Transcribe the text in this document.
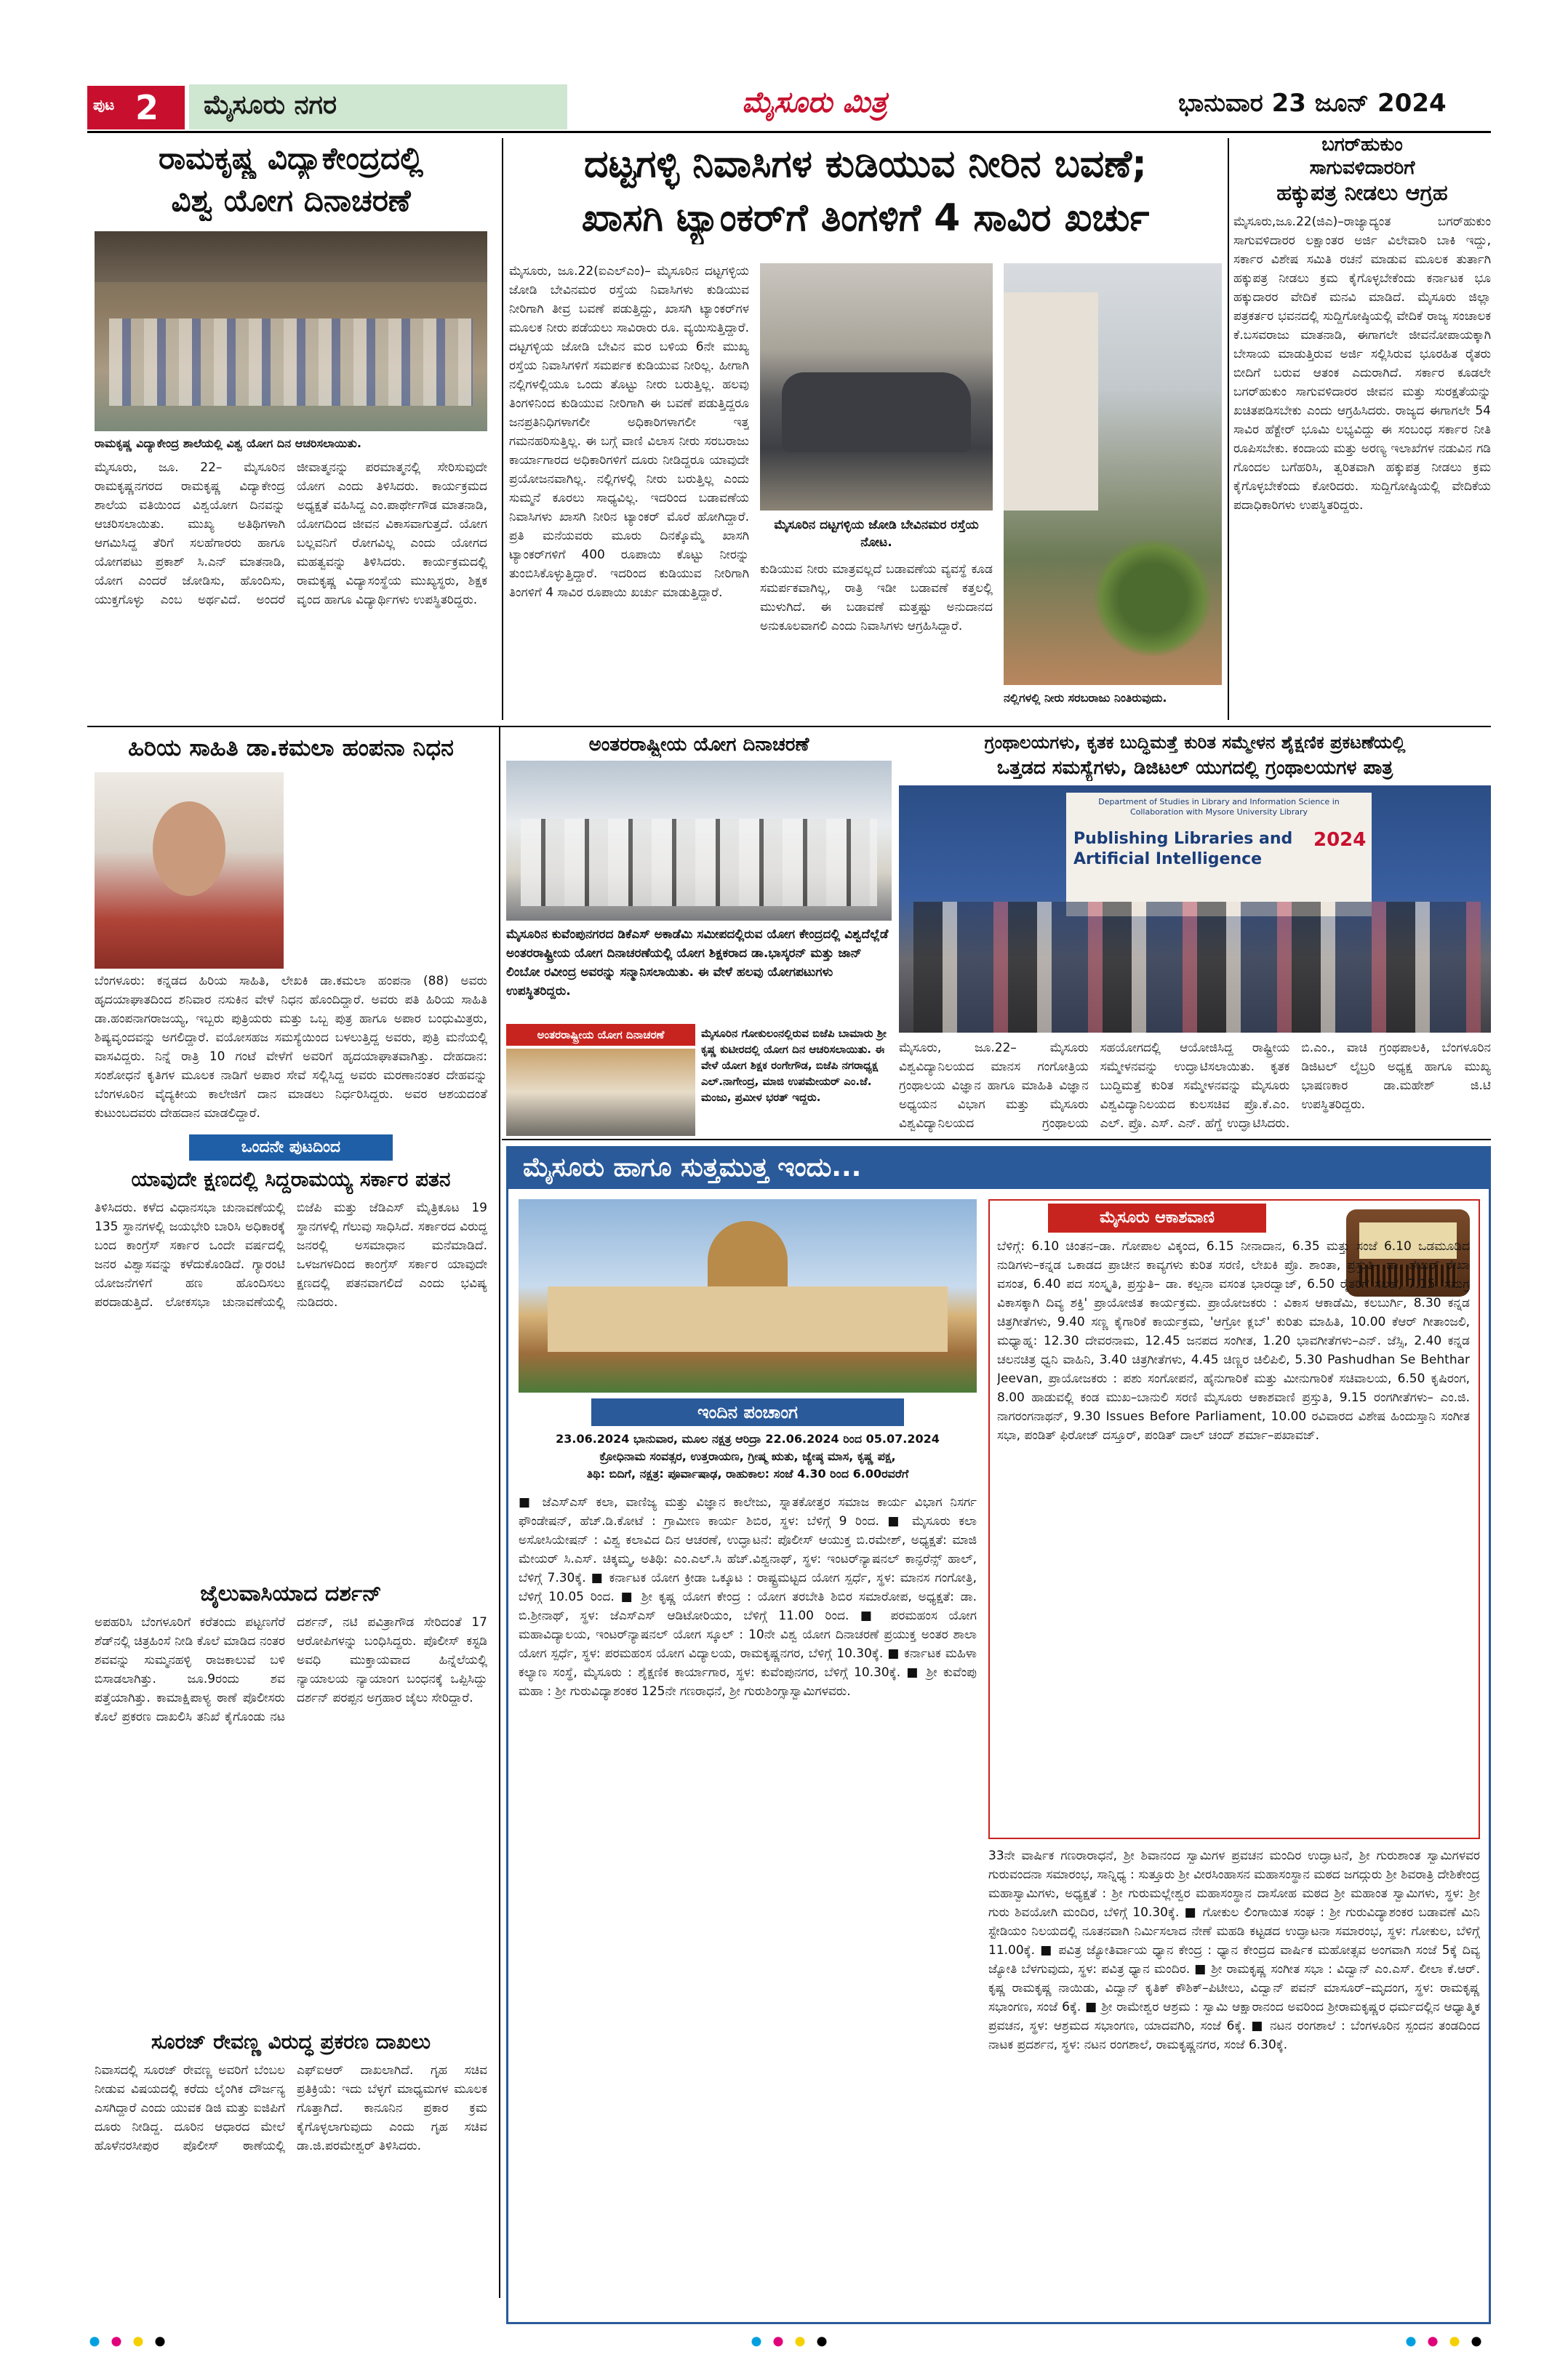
ಪುಟ 2 ಮೈಸೂರು ನಗರ	ಮೈಸೂರು ಮಿತ್ರ	ಭಾನುವಾರ 23 ಜೂನ್ 2024
ರಾಮಕೃಷ್ಣ ವಿದ್ಯಾಕೇಂದ್ರದಲ್ಲಿ
ವಿಶ್ವ ಯೋಗ ದಿನಾಚರಣೆ
ರಾಮಕೃಷ್ಣ ವಿದ್ಯಾಕೇಂದ್ರ ಶಾಲೆಯಲ್ಲಿ ವಿಶ್ವ ಯೋಗ ದಿನ ಆಚರಿಸಲಾಯಿತು.
ಮೈಸೂರು, ಜೂ. 22– ಮೈಸೂರಿನ ರಾಮಕೃಷ್ಣನಗರದ ರಾಮಕೃಷ್ಣ ವಿದ್ಯಾಕೇಂದ್ರ ಶಾಲೆಯ ವತಿಯಿಂದ ವಿಶ್ವಯೋಗ ದಿನವನ್ನು ಆಚರಿಸಲಾಯಿತು. ಮುಖ್ಯ ಅತಿಥಿಗಳಾಗಿ ಆಗಮಿಸಿದ್ದ ತೆರಿಗೆ ಸಲಹೆಗಾರರು ಹಾಗೂ ಯೋಗಪಟು ಪ್ರಕಾಶ್ ಸಿ.ಎನ್ ಮಾತನಾಡಿ, ಯೋಗ ಎಂದರೆ ಜೋಡಿಸು, ಹೊಂದಿಸು, ಯುಕ್ತಗೊಳ್ಳು ಎಂಬ ಅರ್ಥವಿದೆ. ಅಂದರೆ ಜೀವಾತ್ಮನನ್ನು ಪರಮಾತ್ಮನಲ್ಲಿ ಸೇರಿಸುವುದೇ ಯೋಗ ಎಂದು ತಿಳಿಸಿದರು. ಕಾರ್ಯಕ್ರಮದ ಅಧ್ಯಕ್ಷತೆ ವಹಿಸಿದ್ದ ಎಂ.ಪಾರ್ಥೇಗೌಡ ಮಾತನಾಡಿ, ಯೋಗದಿಂದ ಜೀವನ ವಿಕಾಸವಾಗುತ್ತದೆ. ಯೋಗ ಬಲ್ಲವನಿಗೆ ರೋಗವಿಲ್ಲ ಎಂದು ಯೋಗದ ಮಹತ್ವವನ್ನು ತಿಳಿಸಿದರು. ಕಾರ್ಯಕ್ರಮದಲ್ಲಿ ರಾಮಕೃಷ್ಣ ವಿದ್ಯಾಸಂಸ್ಥೆಯ ಮುಖ್ಯಸ್ಥರು, ಶಿಕ್ಷಕ ವೃಂದ ಹಾಗೂ ವಿದ್ಯಾರ್ಥಿಗಳು ಉಪಸ್ಥಿತರಿದ್ದರು.
ದಟ್ಟಗಳ್ಳಿ ನಿವಾಸಿಗಳ ಕುಡಿಯುವ ನೀರಿನ ಬವಣೆ;
ಖಾಸಗಿ ಟ್ಯಾಂಕರ್‌ಗೆ ತಿಂಗಳಿಗೆ 4 ಸಾವಿರ ಖರ್ಚು
ಮೈಸೂರು, ಜೂ.22(ಐಎಲ್‌ಎಂ)– ಮೈಸೂರಿನ ದಟ್ಟಗಳ್ಳಿಯ ಜೋಡಿ ಬೇವಿನಮರ ರಸ್ತೆಯ ನಿವಾಸಿಗಳು ಕುಡಿಯುವ ನೀರಿಗಾಗಿ ತೀವ್ರ ಬವಣೆ ಪಡುತ್ತಿದ್ದು, ಖಾಸಗಿ ಟ್ಯಾಂಕರ್‌ಗಳ ಮೂಲಕ ನೀರು ಪಡೆಯಲು ಸಾವಿರಾರು ರೂ. ವ್ಯಯಿಸುತ್ತಿದ್ದಾರೆ. ದಟ್ಟಗಳ್ಳಿಯ ಜೋಡಿ ಬೇವಿನ ಮರ ಬಳಿಯ 6ನೇ ಮುಖ್ಯ ರಸ್ತೆಯ ನಿವಾಸಿಗಳಿಗೆ ಸಮರ್ಪಕ ಕುಡಿಯುವ ನೀರಿಲ್ಲ. ಹೀಗಾಗಿ ನಲ್ಲಿಗಳಲ್ಲಿಯೂ ಒಂದು ತೊಟ್ಟು ನೀರು ಬರುತ್ತಿಲ್ಲ. ಹಲವು ತಿಂಗಳಿನಿಂದ ಕುಡಿಯುವ ನೀರಿಗಾಗಿ ಈ ಬವಣೆ ಪಡುತ್ತಿದ್ದರೂ ಜನಪ್ರತಿನಿಧಿಗಳಾಗಲೀ ಅಧಿಕಾರಿಗಳಾಗಲೀ ಇತ್ತ ಗಮನಹರಿಸುತ್ತಿಲ್ಲ. ಈ ಬಗ್ಗೆ ವಾಣಿ ವಿಲಾಸ ನೀರು ಸರಬರಾಜು ಕಾರ್ಯಾಗಾರದ ಅಧಿಕಾರಿಗಳಿಗೆ ದೂರು ನೀಡಿದ್ದರೂ ಯಾವುದೇ ಪ್ರಯೋಜನವಾಗಿಲ್ಲ. ನಲ್ಲಿಗಳಲ್ಲಿ ನೀರು ಬರುತ್ತಿಲ್ಲ ಎಂದು ಸುಮ್ಮನೆ ಕೂರಲು ಸಾಧ್ಯವಿಲ್ಲ. ಇದರಿಂದ ಬಡಾವಣೆಯ ನಿವಾಸಿಗಳು ಖಾಸಗಿ ನೀರಿನ ಟ್ಯಾಂಕರ್ ಮೊರೆ ಹೋಗಿದ್ದಾರೆ. ಪ್ರತಿ ಮನೆಯವರು ಮೂರು ದಿನಕ್ಕೊಮ್ಮೆ ಖಾಸಗಿ ಟ್ಯಾಂಕರ್‌ಗಳಿಗೆ 400 ರೂಪಾಯಿ ಕೊಟ್ಟು ನೀರನ್ನು ತುಂಬಿಸಿಕೊಳ್ಳುತ್ತಿದ್ದಾರೆ. ಇದರಿಂದ ಕುಡಿಯುವ ನೀರಿಗಾಗಿ ತಿಂಗಳಿಗೆ 4 ಸಾವಿರ ರೂಪಾಯಿ ಖರ್ಚು ಮಾಡುತ್ತಿದ್ದಾರೆ.
ಮೈಸೂರಿನ ದಟ್ಟಗಳ್ಳಿಯ ಜೋಡಿ ಬೇವಿನಮರ ರಸ್ತೆಯ ನೋಟ.
ಕುಡಿಯುವ ನೀರು ಮಾತ್ರವಲ್ಲದೆ ಬಡಾವಣೆಯ ವ್ಯವಸ್ಥೆ ಕೂಡ ಸಮರ್ಪಕವಾಗಿಲ್ಲ, ರಾತ್ರಿ ಇಡೀ ಬಡಾವಣೆ ಕತ್ತಲಲ್ಲಿ ಮುಳುಗಿದೆ. ಈ ಬಡಾವಣೆ ಮತ್ತಷ್ಟು ಅನುದಾನದ ಅನುಕೂಲವಾಗಲಿ ಎಂದು ನಿವಾಸಿಗಳು ಆಗ್ರಹಿಸಿದ್ದಾರೆ.
ನಲ್ಲಿಗಳಲ್ಲಿ ನೀರು ಸರಬರಾಜು ನಿಂತಿರುವುದು.
ಬಗರ್‌ಹುಕುಂ
ಸಾಗುವಳಿದಾರರಿಗೆ
ಹಕ್ಕುಪತ್ರ ನೀಡಲು ಆಗ್ರಹ
ಮೈಸೂರು,ಜೂ.22(ಜಿಎ)–ರಾಜ್ಯಾದ್ಯಂತ ಬಗರ್‌ಹುಕುಂ ಸಾಗುವಳಿದಾರರ ಲಕ್ಷಾಂತರ ಅರ್ಜಿ ವಿಲೇವಾರಿ ಬಾಕಿ ಇದ್ದು, ಸರ್ಕಾರ ವಿಶೇಷ ಸಮಿತಿ ರಚನೆ ಮಾಡುವ ಮೂಲಕ ತುರ್ತಾಗಿ ಹಕ್ಕುಪತ್ರ ನೀಡಲು ಕ್ರಮ ಕೈಗೊಳ್ಳಬೇಕೆಂದು ಕರ್ನಾಟಕ ಭೂ ಹಕ್ಕುದಾರರ ವೇದಿಕೆ ಮನವಿ ಮಾಡಿದೆ. ಮೈಸೂರು ಜಿಲ್ಲಾ ಪತ್ರಕರ್ತರ ಭವನದಲ್ಲಿ ಸುದ್ದಿಗೋಷ್ಠಿಯಲ್ಲಿ ವೇದಿಕೆ ರಾಜ್ಯ ಸಂಚಾಲಕ ಕೆ.ಬಸವರಾಜು ಮಾತನಾಡಿ, ಈಗಾಗಲೇ ಜೀವನೋಪಾಯಕ್ಕಾಗಿ ಬೇಸಾಯ ಮಾಡುತ್ತಿರುವ ಅರ್ಜಿ ಸಲ್ಲಿಸಿರುವ ಭೂರಹಿತ ರೈತರು ಬೀದಿಗೆ ಬರುವ ಆತಂಕ ಎದುರಾಗಿದೆ. ಸರ್ಕಾರ ಕೂಡಲೇ ಬಗರ್‌ಹುಕುಂ ಸಾಗುವಳಿದಾರರ ಜೀವನ ಮತ್ತು ಸುರಕ್ಷತೆಯನ್ನು ಖಚಿತಪಡಿಸಬೇಕು ಎಂದು ಆಗ್ರಹಿಸಿದರು. ರಾಜ್ಯದ ಈಗಾಗಲೇ 54 ಸಾವಿರ ಹೆಕ್ಟೇರ್ ಭೂಮಿ ಲಭ್ಯವಿದ್ದು ಈ ಸಂಬಂಧ ಸರ್ಕಾರ ನೀತಿ ರೂಪಿಸಬೇಕು. ಕಂದಾಯ ಮತ್ತು ಅರಣ್ಯ ಇಲಾಖೆಗಳ ನಡುವಿನ ಗಡಿ ಗೊಂದಲ ಬಗೆಹರಿಸಿ, ತ್ವರಿತವಾಗಿ ಹಕ್ಕುಪತ್ರ ನೀಡಲು ಕ್ರಮ ಕೈಗೊಳ್ಳಬೇಕೆಂದು ಕೋರಿದರು. ಸುದ್ದಿಗೋಷ್ಠಿಯಲ್ಲಿ ವೇದಿಕೆಯ ಪದಾಧಿಕಾರಿಗಳು ಉಪಸ್ಥಿತರಿದ್ದರು.
ಹಿರಿಯ ಸಾಹಿತಿ ಡಾ.ಕಮಲಾ ಹಂಪನಾ ನಿಧನ
ಬೆಂಗಳೂರು: ಕನ್ನಡದ ಹಿರಿಯ ಸಾಹಿತಿ, ಲೇಖಕಿ ಡಾ.ಕಮಲಾ ಹಂಪನಾ (88) ಅವರು ಹೃದಯಾಘಾತದಿಂದ ಶನಿವಾರ ನಸುಕಿನ ವೇಳೆ ನಿಧನ ಹೊಂದಿದ್ದಾರೆ. ಅವರು ಪತಿ ಹಿರಿಯ ಸಾಹಿತಿ ಡಾ.ಹಂಪನಾಗರಾಜಯ್ಯ, ಇಬ್ಬರು ಪುತ್ರಿಯರು ಮತ್ತು ಒಬ್ಬ ಪುತ್ರ ಹಾಗೂ ಅಪಾರ ಬಂಧುಮಿತ್ರರು, ಶಿಷ್ಯವೃಂದವನ್ನು ಅಗಲಿದ್ದಾರೆ. ವಯೋಸಹಜ ಸಮಸ್ಯೆಯಿಂದ ಬಳಲುತ್ತಿದ್ದ ಅವರು, ಪುತ್ರಿ ಮನೆಯಲ್ಲಿ ವಾಸವಿದ್ದರು. ನಿನ್ನೆ ರಾತ್ರಿ 10 ಗಂಟೆ ವೇಳೆಗೆ ಅವರಿಗೆ ಹೃದಯಾಘಾತವಾಗಿತ್ತು. ದೇಹದಾನ: ಸಂಶೋಧನೆ ಕೃತಿಗಳ ಮೂಲಕ ನಾಡಿಗೆ ಅಪಾರ ಸೇವೆ ಸಲ್ಲಿಸಿದ್ದ ಅವರು ಮರಣಾನಂತರ ದೇಹವನ್ನು ಬೆಂಗಳೂರಿನ ವೈದ್ಯಕೀಯ ಕಾಲೇಜಿಗೆ ದಾನ ಮಾಡಲು ನಿರ್ಧರಿಸಿದ್ದರು. ಅವರ ಆಶಯದಂತೆ ಕುಟುಂಬದವರು ದೇಹದಾನ ಮಾಡಲಿದ್ದಾರೆ.
ಒಂದನೇ ಪುಟದಿಂದ
ಯಾವುದೇ ಕ್ಷಣದಲ್ಲಿ ಸಿದ್ದರಾಮಯ್ಯ ಸರ್ಕಾರ ಪತನ
ತಿಳಿಸಿದರು. ಕಳೆದ ವಿಧಾನಸಭಾ ಚುನಾವಣೆಯಲ್ಲಿ 135 ಸ್ಥಾನಗಳಲ್ಲಿ ಜಯಭೇರಿ ಬಾರಿಸಿ ಅಧಿಕಾರಕ್ಕೆ ಬಂದ ಕಾಂಗ್ರೆಸ್ ಸರ್ಕಾರ ಒಂದೇ ವರ್ಷದಲ್ಲಿ ಜನರ ವಿಶ್ವಾಸವನ್ನು ಕಳೆದುಕೊಂಡಿದೆ. ಗ್ಯಾರಂಟಿ ಯೋಜನೆಗಳಿಗೆ ಹಣ ಹೊಂದಿಸಲು ಪರದಾಡುತ್ತಿದೆ. ಲೋಕಸಭಾ ಚುನಾವಣೆಯಲ್ಲಿ ಬಿಜೆಪಿ ಮತ್ತು ಜೆಡಿಎಸ್ ಮೈತ್ರಿಕೂಟ 19 ಸ್ಥಾನಗಳಲ್ಲಿ ಗೆಲುವು ಸಾಧಿಸಿದೆ. ಸರ್ಕಾರದ ವಿರುದ್ಧ ಜನರಲ್ಲಿ ಅಸಮಾಧಾನ ಮನೆಮಾಡಿದೆ. ಒಳಜಗಳದಿಂದ ಕಾಂಗ್ರೆಸ್ ಸರ್ಕಾರ ಯಾವುದೇ ಕ್ಷಣದಲ್ಲಿ ಪತನವಾಗಲಿದೆ ಎಂದು ಭವಿಷ್ಯ ನುಡಿದರು.
ಜೈಲುವಾಸಿಯಾದ ದರ್ಶನ್
ಅಪಹರಿಸಿ ಬೆಂಗಳೂರಿಗೆ ಕರೆತಂದು ಪಟ್ಟಣಗೆರೆ ಶೆಡ್‌ನಲ್ಲಿ ಚಿತ್ರಹಿಂಸೆ ನೀಡಿ ಕೊಲೆ ಮಾಡಿದ ನಂತರ ಶವವನ್ನು ಸುಮ್ಮನಹಳ್ಳಿ ರಾಜಕಾಲುವೆ ಬಳಿ ಬಿಸಾಡಲಾಗಿತ್ತು. ಜೂ.9ರಂದು ಶವ ಪತ್ತೆಯಾಗಿತ್ತು. ಕಾಮಾಕ್ಷಿಪಾಳ್ಯ ಠಾಣೆ ಪೊಲೀಸರು ಕೊಲೆ ಪ್ರಕರಣ ದಾಖಲಿಸಿ ತನಿಖೆ ಕೈಗೊಂಡು ನಟ ದರ್ಶನ್, ನಟಿ ಪವಿತ್ರಾಗೌಡ ಸೇರಿದಂತೆ 17 ಆರೋಪಿಗಳನ್ನು ಬಂಧಿಸಿದ್ದರು. ಪೊಲೀಸ್ ಕಸ್ಟಡಿ ಅವಧಿ ಮುಕ್ತಾಯವಾದ ಹಿನ್ನೆಲೆಯಲ್ಲಿ ನ್ಯಾಯಾಲಯ ನ್ಯಾಯಾಂಗ ಬಂಧನಕ್ಕೆ ಒಪ್ಪಿಸಿದ್ದು ದರ್ಶನ್ ಪರಪ್ಪನ ಅಗ್ರಹಾರ ಜೈಲು ಸೇರಿದ್ದಾರೆ.
ಸೂರಜ್ ರೇವಣ್ಣ ವಿರುದ್ಧ ಪ್ರಕರಣ ದಾಖಲು
ನಿವಾಸದಲ್ಲಿ ಸೂರಜ್ ರೇವಣ್ಣ ಅವರಿಗೆ ಬೆಂಬಲ ನೀಡುವ ವಿಷಯದಲ್ಲಿ ಕರೆದು ಲೈಂಗಿಕ ದೌರ್ಜನ್ಯ ಎಸಗಿದ್ದಾರೆ ಎಂದು ಯುವಕ ಡಿಜಿ ಮತ್ತು ಐಜಿಪಿಗೆ ದೂರು ನೀಡಿದ್ದ. ದೂರಿನ ಆಧಾರದ ಮೇಲೆ ಹೊಳೆನರಸೀಪುರ ಪೊಲೀಸ್ ಠಾಣೆಯಲ್ಲಿ ಎಫ್‌ಐಆರ್ ದಾಖಲಾಗಿದೆ. ಗೃಹ ಸಚಿವ ಪ್ರತಿಕ್ರಿಯೆ: ಇದು ಬೆಳ್ಳಗೆ ಮಾಧ್ಯಮಗಳ ಮೂಲಕ ಗೊತ್ತಾಗಿದೆ. ಕಾನೂನಿನ ಪ್ರಕಾರ ಕ್ರಮ ಕೈಗೊಳ್ಳಲಾಗುವುದು ಎಂದು ಗೃಹ ಸಚಿವ ಡಾ.ಜಿ.ಪರಮೇಶ್ವರ್ ತಿಳಿಸಿದರು.
ಅಂತರರಾಷ್ಟ್ರೀಯ ಯೋಗ ದಿನಾಚರಣೆ
ಮೈಸೂರಿನ ಕುವೆಂಪುನಗರದ ಡಿಕೆಎಸ್ ಅಕಾಡೆಮಿ ಸಮೀಪದಲ್ಲಿರುವ ಯೋಗ ಕೇಂದ್ರದಲ್ಲಿ ವಿಶ್ವದೆಲ್ಲೆಡೆ ಅಂತರರಾಷ್ಟ್ರೀಯ ಯೋಗ ದಿನಾಚರಣೆಯಲ್ಲಿ ಯೋಗ ಶಿಕ್ಷಕರಾದ ಡಾ.ಭಾಸ್ಕರನ್ ಮತ್ತು ಜಾನ್ ಲಿಂಬೋ ರವೀಂದ್ರ ಅವರನ್ನು ಸನ್ಮಾನಿಸಲಾಯಿತು. ಈ ವೇಳೆ ಹಲವು ಯೋಗಪಟುಗಳು ಉಪಸ್ಥಿತರಿದ್ದರು.
ಅಂತರರಾಷ್ಟ್ರೀಯ ಯೋಗ ದಿನಾಚರಣೆ	ಮೈಸೂರಿನ ಗೋಕುಲಂನಲ್ಲಿರುವ ಬಿಜೆಪಿ ಬಾಮಾರು ಶ್ರೀ ಕೃಷ್ಣ ಕುಟೀರದಲ್ಲಿ ಯೋಗ ದಿನ ಆಚರಿಸಲಾಯಿತು. ಈ ವೇಳೆ ಯೋಗ ಶಿಕ್ಷಕ ರಂಗೇಗೌಡ, ಬಿಜೆಪಿ ನಗರಾಧ್ಯಕ್ಷ ಎಲ್.ನಾಗೇಂದ್ರ, ಮಾಜಿ ಉಪಮೇಯರ್ ಎಂ.ಜೆ. ಮಂಜು, ಪ್ರಮೀಳ ಭರತ್ ಇದ್ದರು.
ಗ್ರಂಥಾಲಯಗಳು, ಕೃತಕ ಬುದ್ಧಿಮತ್ತೆ ಕುರಿತ ಸಮ್ಮೇಳನ ಶೈಕ್ಷಣಿಕ ಪ್ರಕಟಣೆಯಲ್ಲಿ
ಒತ್ತಡದ ಸಮಸ್ಯೆಗಳು, ಡಿಜಿಟಲ್ ಯುಗದಲ್ಲಿ ಗ್ರಂಥಾಲಯಗಳ ಪಾತ್ರ
Department of Studies in Library and Information Science in Collaboration with Mysore University Library
Publishing Libraries and Artificial Intelligence
2024
ಮೈಸೂರು, ಜೂ.22– ಮೈಸೂರು ವಿಶ್ವವಿದ್ಯಾನಿಲಯದ ಮಾನಸ ಗಂಗೋತ್ರಿಯ ಗ್ರಂಥಾಲಯ ವಿಜ್ಞಾನ ಹಾಗೂ ಮಾಹಿತಿ ವಿಜ್ಞಾನ ಅಧ್ಯಯನ ವಿಭಾಗ ಮತ್ತು ಮೈಸೂರು ವಿಶ್ವವಿದ್ಯಾನಿಲಯದ ಗ್ರಂಥಾಲಯ ಸಹಯೋಗದಲ್ಲಿ ಆಯೋಜಿಸಿದ್ದ ರಾಷ್ಟ್ರೀಯ ಸಮ್ಮೇಳನವನ್ನು ಉದ್ಘಾಟಿಸಲಾಯಿತು. ಕೃತಕ ಬುದ್ಧಿಮತ್ತೆ ಕುರಿತ ಸಮ್ಮೇಳನವನ್ನು ಮೈಸೂರು ವಿಶ್ವವಿದ್ಯಾನಿಲಯದ ಕುಲಸಚಿವ ಪ್ರೊ.ಕೆ.ಎಂ. ಎಲ್. ಪ್ರೊ. ಎಸ್. ಎನ್. ಹೆಗ್ಡೆ ಉದ್ಘಾಟಿಸಿದರು. ಬಿ.ಎಂ., ವಾಚಿ ಗ್ರಂಥಪಾಲಕಿ, ಬೆಂಗಳೂರಿನ ಡಿಜಿಟಲ್ ಲೈಬ್ರರಿ ಅಧ್ಯಕ್ಷ ಹಾಗೂ ಮುಖ್ಯ ಭಾಷಣಕಾರ ಡಾ.ಮಹೇಶ್ ಜಿ.ಟಿ ಉಪಸ್ಥಿತರಿದ್ದರು.
ಮೈಸೂರು ಹಾಗೂ ಸುತ್ತಮುತ್ತ ಇಂದು...
ಇಂದಿನ ಪಂಚಾಂಗ
23.06.2024 ಭಾನುವಾರ, ಮೂಲ ನಕ್ಷತ್ರ ಆರಿದ್ರಾ 22.06.2024 ರಿಂದ 05.07.2024
ಕ್ರೋಧಿನಾಮ ಸಂವತ್ಸರ, ಉತ್ತರಾಯಣ, ಗ್ರೀಷ್ಮ ಋತು, ಜ್ಯೇಷ್ಠ ಮಾಸ, ಕೃಷ್ಣ ಪಕ್ಷ,
ತಿಥಿ: ಬಿದಿಗೆ, ನಕ್ಷತ್ರ: ಪೂರ್ವಾಷಾಢ, ರಾಹುಕಾಲ: ಸಂಜೆ 4.30 ರಿಂದ 6.00ರವರೆಗೆ
■ ಜೆಎಸ್‌ಎಸ್ ಕಲಾ, ವಾಣಿಜ್ಯ ಮತ್ತು ವಿಜ್ಞಾನ ಕಾಲೇಜು, ಸ್ನಾತಕೋತ್ತರ ಸಮಾಜ ಕಾರ್ಯ ವಿಭಾಗ ನಿಸರ್ಗ ಫೌಂಡೇಷನ್, ಹೆಚ್.ಡಿ.ಕೋಟೆ : ಗ್ರಾಮೀಣ ಕಾರ್ಯ ಶಿಬಿರ, ಸ್ಥಳ: ಬೆಳಿಗ್ಗೆ 9 ರಿಂದ. ■ ಮೈಸೂರು ಕಲಾ ಅಸೋಸಿಯೇಷನ್ : ವಿಶ್ವ ಕಲಾವಿದ ದಿನ ಆಚರಣೆ, ಉದ್ಘಾಟನೆ: ಪೊಲೀಸ್ ಆಯುಕ್ತ ಬಿ.ರಮೇಶ್, ಅಧ್ಯಕ್ಷತೆ: ಮಾಜಿ ಮೇಯರ್ ಸಿ.ಎಸ್. ಚಿಕ್ಕಮ್ಮ, ಅತಿಥಿ: ಎಂ.ಎಲ್.ಸಿ ಹೆಚ್.ವಿಶ್ವನಾಥ್, ಸ್ಥಳ: ಇಂಟರ್‌ನ್ಯಾಷನಲ್ ಕಾನ್ಫರೆನ್ಸ್ ಹಾಲ್, ಬೆಳಿಗ್ಗೆ 7.30ಕ್ಕೆ. ■ ಕರ್ನಾಟಕ ಯೋಗ ಕ್ರೀಡಾ ಒಕ್ಕೂಟ : ರಾಷ್ಟ್ರಮಟ್ಟದ ಯೋಗ ಸ್ಪರ್ಧೆ, ಸ್ಥಳ: ಮಾನಸ ಗಂಗೋತ್ರಿ, ಬೆಳಿಗ್ಗೆ 10.05 ರಿಂದ. ■ ಶ್ರೀ ಕೃಷ್ಣ ಯೋಗ ಕೇಂದ್ರ : ಯೋಗ ತರಬೇತಿ ಶಿಬಿರ ಸಮಾರೋಪ, ಅಧ್ಯಕ್ಷತೆ: ಡಾ. ಬಿ.ಶ್ರೀನಾಥ್, ಸ್ಥಳ: ಜೆಎಸ್‌ಎಸ್ ಆಡಿಟೋರಿಯಂ, ಬೆಳಿಗ್ಗೆ 11.00 ರಿಂದ. ■ ಪರಮಹಂಸ ಯೋಗ ಮಹಾವಿದ್ಯಾಲಯ, ಇಂಟರ್‌ನ್ಯಾಷನಲ್ ಯೋಗ ಸ್ಕೂಲ್ : 10ನೇ ವಿಶ್ವ ಯೋಗ ದಿನಾಚರಣೆ ಪ್ರಯುಕ್ತ ಅಂತರ ಶಾಲಾ ಯೋಗ ಸ್ಪರ್ಧೆ, ಸ್ಥಳ: ಪರಮಹಂಸ ಯೋಗ ವಿದ್ಯಾಲಯ, ರಾಮಕೃಷ್ಣನಗರ, ಬೆಳಿಗ್ಗೆ 10.30ಕ್ಕೆ. ■ ಕರ್ನಾಟಕ ಮಹಿಳಾ ಕಲ್ಯಾಣ ಸಂಸ್ಥೆ, ಮೈಸೂರು : ಶೈಕ್ಷಣಿಕ ಕಾರ್ಯಾಗಾರ, ಸ್ಥಳ: ಕುವೆಂಪುನಗರ, ಬೆಳಿಗ್ಗೆ 10.30ಕ್ಕೆ. ■ ಶ್ರೀ ಕುವೆಂಪು ಮಹಾ : ಶ್ರೀ ಗುರುವಿದ್ಯಾಶಂಕರ 125ನೇ ಗಣರಾಧನೆ, ಶ್ರೀ ಗುರುಶಿಂಗ್ಸಾಸ್ವಾಮಿಗಳವರು.
ಮೈಸೂರು ಆಕಾಶವಾಣಿ
ಬೆಳಿಗ್ಗೆ: 6.10 ಚಿಂತನ–ಡಾ. ಗೋಪಾಲ ವಿಕ್ಕಂದ, 6.15 ನೀನಾದಾನ, 6.35 ಮತ್ತು ಸಂಜೆ 6.10 ಒಡಮೂಡಿದ ನುಡಿಗಳು–ಕನ್ನಡ ಒಕಾಡದ ಪ್ರಾಚೀನ ಕಾವ್ಯಗಳು ಕುರಿತ ಸರಣಿ, ಲೇಖಕಿ ಪ್ರೊ. ಶಾಂತಾ, ಪ್ರಸ್ತುತಿ– ಡಾ. ಶೇಖರ್ ರೇಖಾ ವಸಂತ, 6.40 ಪದ ಸಂಸ್ಕೃತಿ, ಪ್ರಸ್ತುತಿ– ಡಾ. ಕಲ್ಪನಾ ವಸಂತ ಭಾರದ್ವಾಜ್, 6.50 ರೈತರಿಗೆ ಸಲಹೆ, 7.15 'ಸಮಗ್ರ ವಿಕಾಸಕ್ಕಾಗಿ ದಿವ್ಯ ಶಕ್ತಿ' ಪ್ರಾಯೋಜಿತ ಕಾರ್ಯಕ್ರಮ. ಪ್ರಾಯೋಜಕರು : ವಿಕಾಸ ಆಕಾಡೆಮಿ, ಕಲಬುರ್ಗಿ, 8.30 ಕನ್ನಡ ಚಿತ್ರಗೀತೆಗಳು, 9.40 ಸಣ್ಣ ಕೈಗಾರಿಕೆ ಕಾರ್ಯಕ್ರಮ, 'ಆಗ್ರೋ ಕ್ಲಬ್‌' ಕುರಿತು ಮಾಹಿತಿ, 10.00 ಕೆಆರ್ ಗೀತಾಂಜಲಿ, ಮಧ್ಯಾಹ್ನ: 12.30 ದೇವರನಾಮ, 12.45 ಜನಪದ ಸಂಗೀತ, 1.20 ಭಾವಗೀತೆಗಳು–ಎನ್. ಜೆಸ್ಸಿ, 2.40 ಕನ್ನಡ ಚಲನಚಿತ್ರ ಧ್ವನಿ ವಾಹಿನಿ, 3.40 ಚಿತ್ರಗೀತೆಗಳು, 4.45 ಚಿಣ್ಣರ ಚಿಲಿಪಿಲಿ, 5.30 Pashudhan Se Behthar Jeevan, ಪ್ರಾಯೋಜಕರು : ಪಶು ಸಂಗೋಪನೆ, ಹೈನುಗಾರಿಕೆ ಮತ್ತು ಮೀನುಗಾರಿಕೆ ಸಚಿವಾಲಯ, 6.50 ಕೃಷಿರಂಗ, 8.00 ಹಾಡುವಲ್ಲಿ ಕಂಡ ಮುಖ–ಬಾನುಲಿ ಸರಣಿ ಮೈಸೂರು ಆಕಾಶವಾಣಿ ಪ್ರಸ್ತುತಿ, 9.15 ರಂಗಗೀತೆಗಳು– ಎಂ.ಜಿ. ನಾಗರಂಗನಾಥನ್, 9.30 Issues Before Parliament, 10.00 ರವಿವಾರದ ವಿಶೇಷ ಹಿಂದುಸ್ತಾನಿ ಸಂಗೀತ ಸಭಾ, ಪಂಡಿತ್ ಫಿರೋಜ್ ದಸ್ತೂರ್, ಪಂಡಿತ್ ದಾಲ್ ಚಂದ್ ಶರ್ಮಾ–ಪಖಾವಜ್.
33ನೇ ವಾರ್ಷಿಕ ಗಣರಾರಾಧನೆ, ಶ್ರೀ ಶಿವಾನಂದ ಸ್ವಾಮಿಗಳ ಪ್ರವಚನ ಮಂದಿರ ಉದ್ಘಾಟನೆ, ಶ್ರೀ ಗುರುಶಾಂತ ಸ್ವಾಮಿಗಳವರ ಗುರುವಂದನಾ ಸಮಾರಂಭ, ಸಾನ್ನಿಧ್ಯ : ಸುತ್ತೂರು ಶ್ರೀ ವೀರಸಿಂಹಾಸನ ಮಹಾಸಂಸ್ಥಾನ ಮಠದ ಜಗದ್ಗುರು ಶ್ರೀ ಶಿವರಾತ್ರಿ ದೇಶಿಕೇಂದ್ರ ಮಹಾಸ್ವಾಮಿಗಳು, ಅಧ್ಯಕ್ಷತೆ : ಶ್ರೀ ಗುರುಮಲ್ಲೇಶ್ವರ ಮಹಾಸಂಸ್ಥಾನ ದಾಸೋಹ ಮಠದ ಶ್ರೀ ಮಹಾಂತ ಸ್ವಾಮಿಗಳು, ಸ್ಥಳ: ಶ್ರೀ ಗುರು ಶಿವಯೋಗಿ ಮಂದಿರ, ಬೆಳಿಗ್ಗೆ 10.30ಕ್ಕೆ. ■ ಗೋಕುಲ ಲಿಂಗಾಯಿತ ಸಂಘ : ಶ್ರೀ ಗುರುವಿದ್ಯಾಶಂಕರ ಬಡಾವಣೆ ಮಿನಿ ಸ್ಟೇಡಿಯಂ ನಿಲಯದಲ್ಲಿ ನೂತನವಾಗಿ ನಿರ್ಮಿಸಲಾದ ನೇಣೆ ಮಹಡಿ ಕಟ್ಟಡದ ಉದ್ಘಾಟನಾ ಸಮಾರಂಭ, ಸ್ಥಳ: ಗೋಕುಲ, ಬೆಳಿಗ್ಗೆ 11.00ಕ್ಕೆ. ■ ಪವಿತ್ರ ಜ್ಯೋತಿರ್ವಾಯ ಧ್ಯಾನ ಕೇಂದ್ರ : ಧ್ಯಾನ ಕೇಂದ್ರದ ವಾರ್ಷಿಕ ಮಹೋತ್ಸವ ಅಂಗವಾಗಿ ಸಂಜೆ 5ಕ್ಕೆ ದಿವ್ಯ ಜ್ಯೋತಿ ಬೆಳಗುವುದು, ಸ್ಥಳ: ಪವಿತ್ರ ಧ್ಯಾನ ಮಂದಿರ. ■ ಶ್ರೀ ರಾಮಕೃಷ್ಣ ಸಂಗೀತ ಸಭಾ : ವಿದ್ವಾನ್ ಎಂ.ಎಸ್. ಲೀಲಾ ಕೆ.ಆರ್. ಕೃಷ್ಣ ರಾಮಕೃಷ್ಣ ನಾಯಿಡು, ವಿದ್ವಾನ್ ಕೃತಿಕ್ ಕೌಶಿಕ್–ಪಿಟೀಲು, ವಿದ್ವಾನ್ ಪವನ್ ಮಾಸೂರ್–ಮೃದಂಗ, ಸ್ಥಳ: ರಾಮಕೃಷ್ಣ ಸಭಾಂಗಣ, ಸಂಜೆ 6ಕ್ಕೆ. ■ ಶ್ರೀ ರಾಮೇಶ್ವರ ಆಶ್ರಮ : ಸ್ವಾಮಿ ಆಕ್ಷಾರಾನಂದ ಅವರಿಂದ ಶ್ರೀರಾಮಕೃಷ್ಣರ ಧರ್ಮದಲ್ಲಿನ ಆಧ್ಯಾತ್ಮಿಕ ಪ್ರವಚನ, ಸ್ಥಳ: ಆಶ್ರಮದ ಸಭಾಂಗಣ, ಯಾದವಗಿರಿ, ಸಂಜೆ 6ಕ್ಕೆ. ■ ನಟನ ರಂಗಶಾಲೆ : ಬೆಂಗಳೂರಿನ ಸ್ಪಂದನ ತಂಡದಿಂದ ನಾಟಕ ಪ್ರದರ್ಶನ, ಸ್ಥಳ: ನಟನ ರಂಗಶಾಲೆ, ರಾಮಕೃಷ್ಣನಗರ, ಸಂಜೆ 6.30ಕ್ಕೆ.
